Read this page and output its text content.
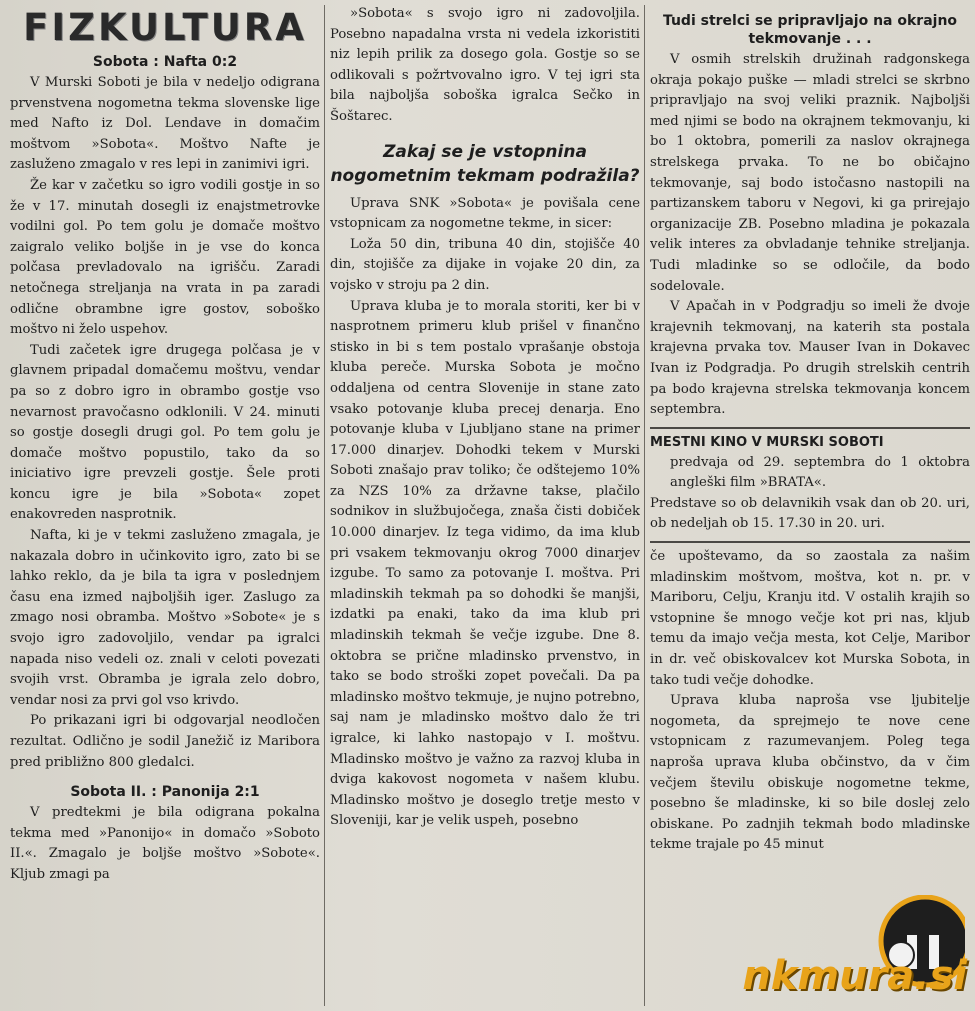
FIZKULTURA
Sobota : Nafta 0:2

V Murski Soboti je bila v nedeljo odigrana prvenstvena nogometna tekma slovenske lige med Nafto iz Dol. Lendave in domačim moštvom »Sobota«. Moštvo Nafte je zasluženo zmagalo v res lepi in zanimivi igri.

Že kar v začetku so igro vodili gostje in so že v 17. minutah dosegli iz enajstmetrovke vodilni gol. Po tem golu je domače moštvo zaigralo veliko boljše in je vse do konca polčasa prevladovalo na igrišču. Zaradi netočnega streljanja na vrata in pa zaradi odlične obrambne igre gostov, soboško moštvo ni želo uspehov.

Tudi začetek igre drugega polčasa je v glavnem pripadal domačemu moštvu, vendar pa so z dobro igro in obrambo gostje vso nevarnost pravočasno odklonili. V 24. minuti so gostje dosegli drugi gol. Po tem golu je domače moštvo popustilo, tako da so iniciativo igre prevzeli gostje. Šele proti koncu igre je bila »Sobota« zopet enakovreden nasprotnik.

Nafta, ki je v tekmi zasluženo zmagala, je nakazala dobro in učinkovito igro, zato bi se lahko reklo, da je bila ta igra v poslednjem času ena izmed najboljših iger. Zaslugo za zmago nosi obramba. Moštvo »Sobote« je s svojo igro zadovoljilo, vendar pa igralci napada niso vedeli oz. znali v celoti povezati svojih vrst. Obramba je igrala zelo dobro, vendar nosi za prvi gol vso krivdo.

Po prikazani igri bi odgovarjal neodločen rezultat. Odlično je sodil Janežič iz Maribora pred približno 800 gledalci.

Sobota II. : Panonija 2:1

V predtekmi je bila odigrana pokalna tekma med »Panonijo« in domačo »Soboto II.«. Zmagalo je boljše moštvo »Sobote«. Kljub zmagi pa

»Sobota« s svojo igro ni zadovoljila. Posebno napadalna vrsta ni vedela izkoristiti niz lepih prilik za dosego gola. Gostje so se odlikovali s požrtvovalno igro. V tej igri sta bila najboljša soboška igralca Sečko in Šoštarec.

Zakaj se je vstopnina nogometnim tekmam podražila?

Uprava SNK »Sobota« je povišala cene vstopnicam za nogometne tekme, in sicer:

Loža 50 din, tribuna 40 din, stojišče 40 din, stojišče za dijake in vojake 20 din, za vojsko v stroju pa 2 din.

Uprava kluba je to morala storiti, ker bi v nasprotnem primeru klub prišel v finančno stisko in bi s tem postalo vprašanje obstoja kluba pereče. Murska Sobota je močno oddaljena od centra Slovenije in stane zato vsako potovanje kluba precej denarja. Eno potovanje kluba v Ljubljano stane na primer 17.000 dinarjev. Dohodki tekem v Murski Soboti znašajo prav toliko; če odštejemo 10% za NZS 10% za državne takse, plačilo sodnikov in službujočega, znaša čisti dobiček 10.000 dinarjev. Iz tega vidimo, da ima klub pri vsakem tekmovanju okrog 7000 dinarjev izgube. To samo za potovanje I. moštva. Pri mladinskih tekmah pa so dohodki še manjši, izdatki pa enaki, tako da ima klub pri mladinskih tekmah še večje izgube. Dne 8. oktobra se prične mladinsko prvenstvo, in tako se bodo stroški zopet povečali. Da pa mladinsko moštvo tekmuje, je nujno potrebno, saj nam je mladinsko moštvo dalo že tri igralce, ki lahko nastopajo v I. moštvu. Mladinsko moštvo je važno za razvoj kluba in dviga kakovost nogometa v našem klubu. Mladinsko moštvo je doseglo tretje mesto v Sloveniji, kar je velik uspeh, posebno

Tudi strelci se pripravljajo na okrajno tekmovanje . . .

V osmih strelskih družinah radgonskega okraja pokajo puške — mladi strelci se skrbno pripravljajo na svoj veliki praznik. Najboljši med njimi se bodo na okrajnem tekmovanju, ki bo 1 oktobra, pomerili za naslov okrajnega strelskega prvaka. To ne bo običajno tekmovanje, saj bodo istočasno nastopili na partizanskem taboru v Negovi, ki ga prirejajo organizacije ZB. Posebno mladina je pokazala velik interes za obvladanje tehnike streljanja. Tudi mladinke so se odločile, da bodo sodelovale.

V Apačah in v Podgradju so imeli že dvoje krajevnih tekmovanj, na katerih sta postala krajevna prvaka tov. Mauser Ivan in Dokavec Ivan iz Podgradja. Po drugih strelskih centrih pa bodo krajevna strelska tekmovanja koncem septembra.

MESTNI KINO V MURSKI SOBOTI

predvaja od 29. septembra do 1 oktobra angleški film »BRATA«.

Predstave so ob delavnikih vsak dan ob 20. uri, ob nedeljah ob 15. 17.30 in 20. uri.

če upoštevamo, da so zaostala za našim mladinskim moštvom, moštva, kot n. pr. v Mariboru, Celju, Kranju itd. V ostalih krajih so vstopnine še mnogo večje kot pri nas, kljub temu da imajo večja mesta, kot Celje, Maribor in dr. več obiskovalcev kot Murska Sobota, in tako tudi večje dohodke.

Uprava kluba naproša vse ljubitelje nogometa, da sprejmejo te nove cene vstopnicam z razumevanjem. Poleg tega naproša uprava kluba občinstvo, da v čim večjem številu obiskuje nogometne tekme, posebno še mladinske, ki so bile doslej zelo obiskane. Po zadnjih tekmah bodo mladinske tekme trajale po 45 minut

nkmura.si
